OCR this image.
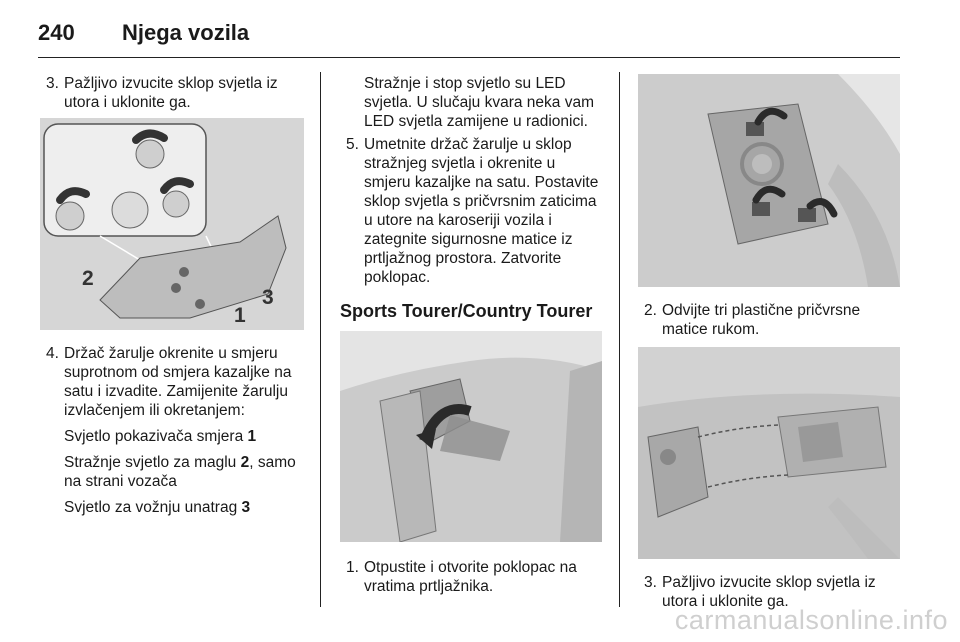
240 Njega vozila

3. Pažljivo izvucite sklop svjetla iz utora i uklonite ga.

2
3
1

4. Držač žarulje okrenite u smjeru suprotnom od smjera kazaljke na satu i izvadite. Zamijenite žarulju izvlačenjem ili okretanjem:

Svjetlo pokazivača smjera 1

Stražnje svjetlo za maglu 2, samo na strani vozača

Svjetlo za vožnju unatrag 3

Stražnje i stop svjetlo su LED svjetla. U slučaju kvara neka vam LED svjetla zamijene u radionici.

5. Umetnite držač žarulje u sklop stražnjeg svjetla i okrenite u smjeru kazaljke na satu. Postavite sklop svjetla s pričvrsnim zaticima u utore na karoseriji vozila i zategnite sigurnosne matice iz prtljažnog prostora. Zatvorite poklopac.

Sports Tourer/Country Tourer

1. Otpustite i otvorite poklopac na vratima prtljažnika.

2. Odvijte tri plastične pričvrsne matice rukom.

3. Pažljivo izvucite sklop svjetla iz utora i uklonite ga.

carmanualsonline.info
